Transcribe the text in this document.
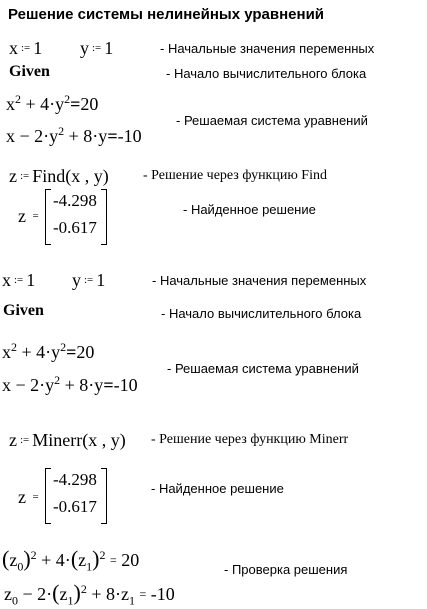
Решение системы нелинейных уравнений
x := 1 y := 1	- Начальные значения переменных
Given	- Начало вычислительного блока
$x^2 + 4\cdot y^2=20$
$x - 2\cdot y^2 + 8\cdot y=-10$
- Решаемая система уравнений
z := Find(x , y) - Решение через функцию Find
z =
-4.298
-0.617
- Найденное решение
x := 1 y := 1	- Начальные значения переменных
Given	- Начало вычислительного блока
$x^2 + 4\cdot y^2=20$
$x - 2\cdot y^2 + 8\cdot y=-10$
- Решаемая система уравнений
z := Minerr(x , y) - Решение через функцию Minerr
z =
-4.298
-0.617
- Найденное решение
$(z_0)^2 + 4\cdot(z_1)^2 = 20$
$z_0 - 2\cdot(z_1)^2 + 8\cdot z_1 = -10$
- Проверка решения
